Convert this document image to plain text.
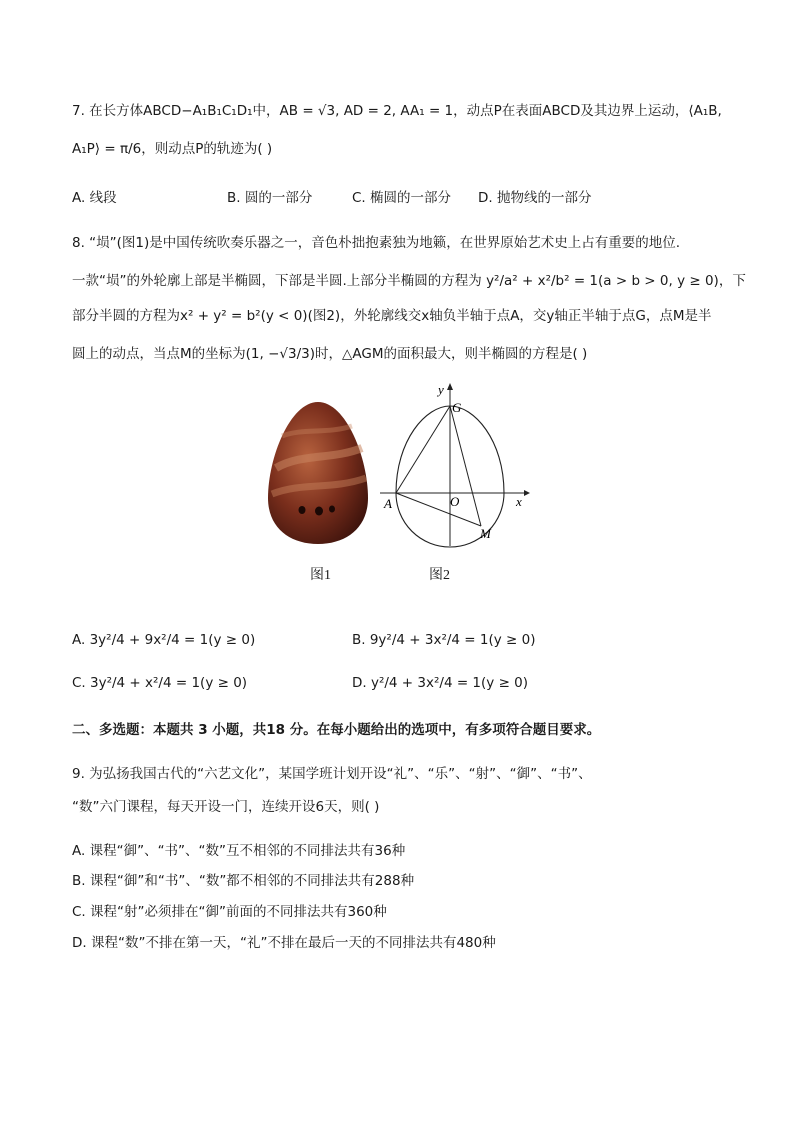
7. 在长方体ABCD−A₁B₁C₁D₁中，AB = √3, AD = 2, AA₁ = 1，动点P在表面ABCD及其边界上运动，⟨A₁B,
A₁P⟩ = π/6，则动点P的轨迹为( )
A. 线段	B. 圆的一部分	C. 椭圆的一部分 D. 抛物线的一部分
8. “埙”(图1)是中国传统吹奏乐器之一，音色朴拙抱素独为地籁，在世界原始艺术史上占有重要的地位.
一款“埙”的外轮廓上部是半椭圆，下部是半圆.上部分半椭圆的方程为 y²/a² + x²/b² = 1(a > b > 0, y ≥ 0)，下
部分半圆的方程为x² + y² = b²(y < 0)(图2)，外轮廓线交x轴负半轴于点A，交y轴正半轴于点G，点M是半
圆上的动点，当点M的坐标为(1, −√3/3)时，△AGM的面积最大，则半椭圆的方程是( )
图1
y
G
x
A	O
M
图2
A. 3y²/4 + 9x²/4 = 1(y ≥ 0)	B. 9y²/4 + 3x²/4 = 1(y ≥ 0)
C. 3y²/4 + x²/4 = 1(y ≥ 0)	D. y²/4 + 3x²/4 = 1(y ≥ 0)
二、多选题：本题共 3 小题，共18 分。在每小题给出的选项中，有多项符合题目要求。
9. 为弘扬我国古代的“六艺文化”，某国学班计划开设“礼”、“乐”、“射”、“御”、“书”、
“数”六门课程，每天开设一门，连续开设6天，则( )
A. 课程“御”、“书”、“数”互不相邻的不同排法共有36种
B. 课程“御”和“书”、“数”都不相邻的不同排法共有288种
C. 课程“射”必须排在“御”前面的不同排法共有360种
D. 课程“数”不排在第一天，“礼”不排在最后一天的不同排法共有480种
